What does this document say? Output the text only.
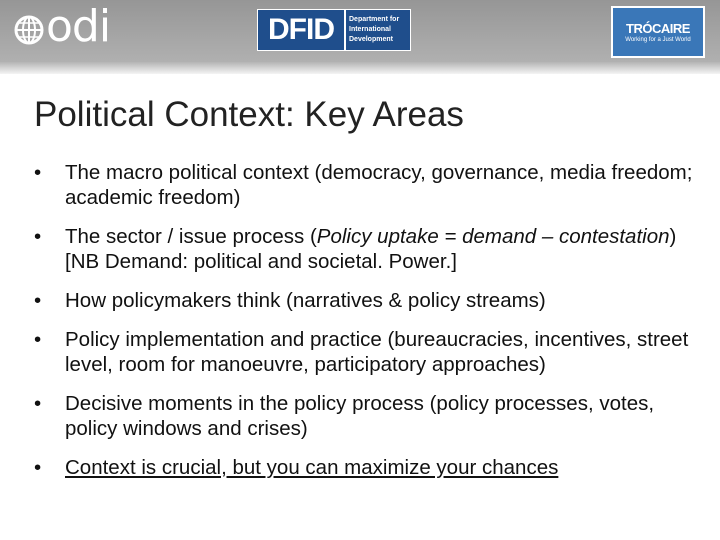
odi	DFID	Department for
International
Development
TRÓCAIRE
Working for a Just World
Political Context: Key Areas
• The macro political context (democracy, governance, media freedom; academic freedom)
• The sector / issue process (Policy uptake = demand – contestation) [NB Demand: political and societal. Power.]
• How policymakers think (narratives & policy streams)
• Policy implementation and practice (bureaucracies, incentives, street level, room for manoeuvre, participatory approaches)
• Decisive moments in the policy process (policy processes, votes, policy windows and crises)
• Context is crucial, but you can maximize your chances
